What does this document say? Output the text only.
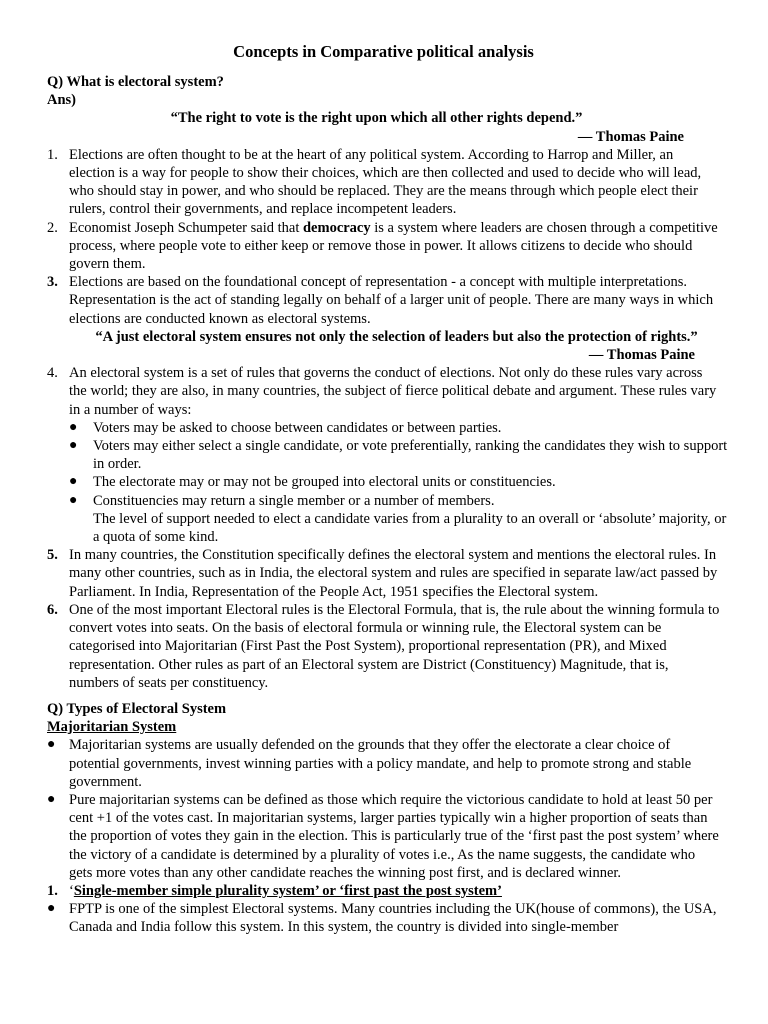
Concepts in Comparative political analysis

Q) What is electoral system?

Ans)

“The right to vote is the right upon which all other rights depend.”

— Thomas Paine

1. Elections are often thought to be at the heart of any political system. According to Harrop and Miller, an election is a way for people to show their choices, which are then collected and used to decide who will lead, who should stay in power, and who should be replaced. They are the means through which people elect their rulers, control their governments, and replace incompetent leaders.
2. Economist Joseph Schumpeter said that democracy is a system where leaders are chosen through a competitive process, where people vote to either keep or remove those in power. It allows citizens to decide who should govern them.
3. Elections are based on the foundational concept of representation - a concept with multiple interpretations. Representation is the act of standing legally on behalf of a larger unit of people. There are many ways in which elections are conducted known as electoral systems.

“A just electoral system ensures not only the selection of leaders but also the protection of rights.”

— Thomas Paine

4. An electoral system is a set of rules that governs the conduct of elections. Not only do these rules vary across the world; they are also, in many countries, the subject of fierce political debate and argument. These rules vary in a number of ways:
● Voters may be asked to choose between candidates or between parties.
● Voters may either select a single candidate, or vote preferentially, ranking the candidates they wish to support in order.
● The electorate may or may not be grouped into electoral units or constituencies.
● Constituencies may return a single member or a number of members.
The level of support needed to elect a candidate varies from a plurality to an overall or ‘absolute’ majority, or a quota of some kind.
5. In many countries, the Constitution specifically defines the electoral system and mentions the electoral rules. In many other countries, such as in India, the electoral system and rules are specified in separate law/act passed by Parliament. In India, Representation of the People Act, 1951 specifies the Electoral system.
6. One of the most important Electoral rules is the Electoral Formula, that is, the rule about the winning formula to convert votes into seats. On the basis of electoral formula or winning rule, the Electoral system can be categorised into Majoritarian (First Past the Post System), proportional representation (PR), and Mixed representation. Other rules as part of an Electoral system are District (Constituency) Magnitude, that is, numbers of seats per constituency.

Q) Types of Electoral System

Majoritarian System

● Majoritarian systems are usually defended on the grounds that they offer the electorate a clear choice of potential governments, invest winning parties with a policy mandate, and help to promote strong and stable government.
● Pure majoritarian systems can be defined as those which require the victorious candidate to hold at least 50 per cent +1 of the votes cast. In majoritarian systems, larger parties typically win a higher proportion of seats than the proportion of votes they gain in the election. This is particularly true of the ‘first past the post system’ where the victory of a candidate is determined by a plurality of votes i.e., As the name suggests, the candidate who gets more votes than any other candidate reaches the winning post first, and is declared winner.
1. ‘Single-member simple plurality system’ or ‘first past the post system’
● FPTP is one of the simplest Electoral systems. Many countries including the UK(house of commons), the USA, Canada and India follow this system. In this system, the country is divided into single-member
